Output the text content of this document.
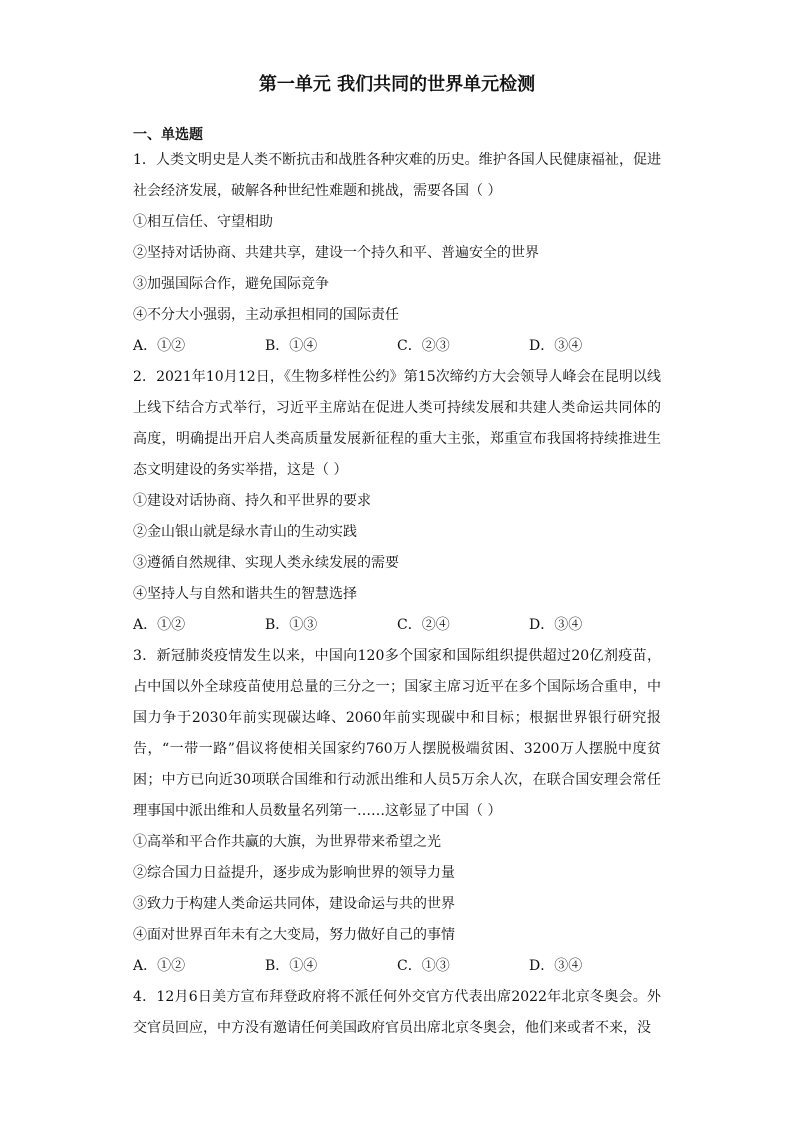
第一单元 我们共同的世界单元检测
一、单选题

1．人类文明史是人类不断抗击和战胜各种灾难的历史。维护各国人民健康福祉，促进社会经济发展，破解各种世纪性难题和挑战，需要各国（ ）

①相互信任、守望相助

②坚持对话协商、共建共享，建设一个持久和平、普遍安全的世界

③加强国际合作，避免国际竞争

④不分大小强弱，主动承担相同的国际责任

A．①②	B．①④	C．②③	D．③④

2．2021年10月12日，《生物多样性公约》第15次缔约方大会领导人峰会在昆明以线上线下结合方式举行，习近平主席站在促进人类可持续发展和共建人类命运共同体的高度，明确提出开启人类高质量发展新征程的重大主张，郑重宣布我国将持续推进生态文明建设的务实举措，这是（ ）

①建设对话协商、持久和平世界的要求

②金山银山就是绿水青山的生动实践

③遵循自然规律、实现人类永续发展的需要

④坚持人与自然和谐共生的智慧选择

A．①②	B．①③	C．②④	D．③④

3．新冠肺炎疫情发生以来，中国向120多个国家和国际组织提供超过20亿剂疫苗，占中国以外全球疫苗使用总量的三分之一；国家主席习近平在多个国际场合重申，中国力争于2030年前实现碳达峰、2060年前实现碳中和目标；根据世界银行研究报告，“一带一路”倡议将使相关国家约760万人摆脱极端贫困、3200万人摆脱中度贫困；中方已向近30项联合国维和行动派出维和人员5万余人次，在联合国安理会常任理事国中派出维和人员数量名列第一……这彰显了中国（ ）

①高举和平合作共赢的大旗，为世界带来希望之光

②综合国力日益提升，逐步成为影响世界的领导力量

③致力于构建人类命运共同体，建设命运与共的世界

④面对世界百年未有之大变局，努力做好自己的事情

A．①②	B．①④	C．①③	D．③④

4．12月6日美方宣布拜登政府将不派任何外交官方代表出席2022年北京冬奥会。外交官员回应，中方没有邀请任何美国政府官员出席北京冬奥会，他们来或者不来，没
